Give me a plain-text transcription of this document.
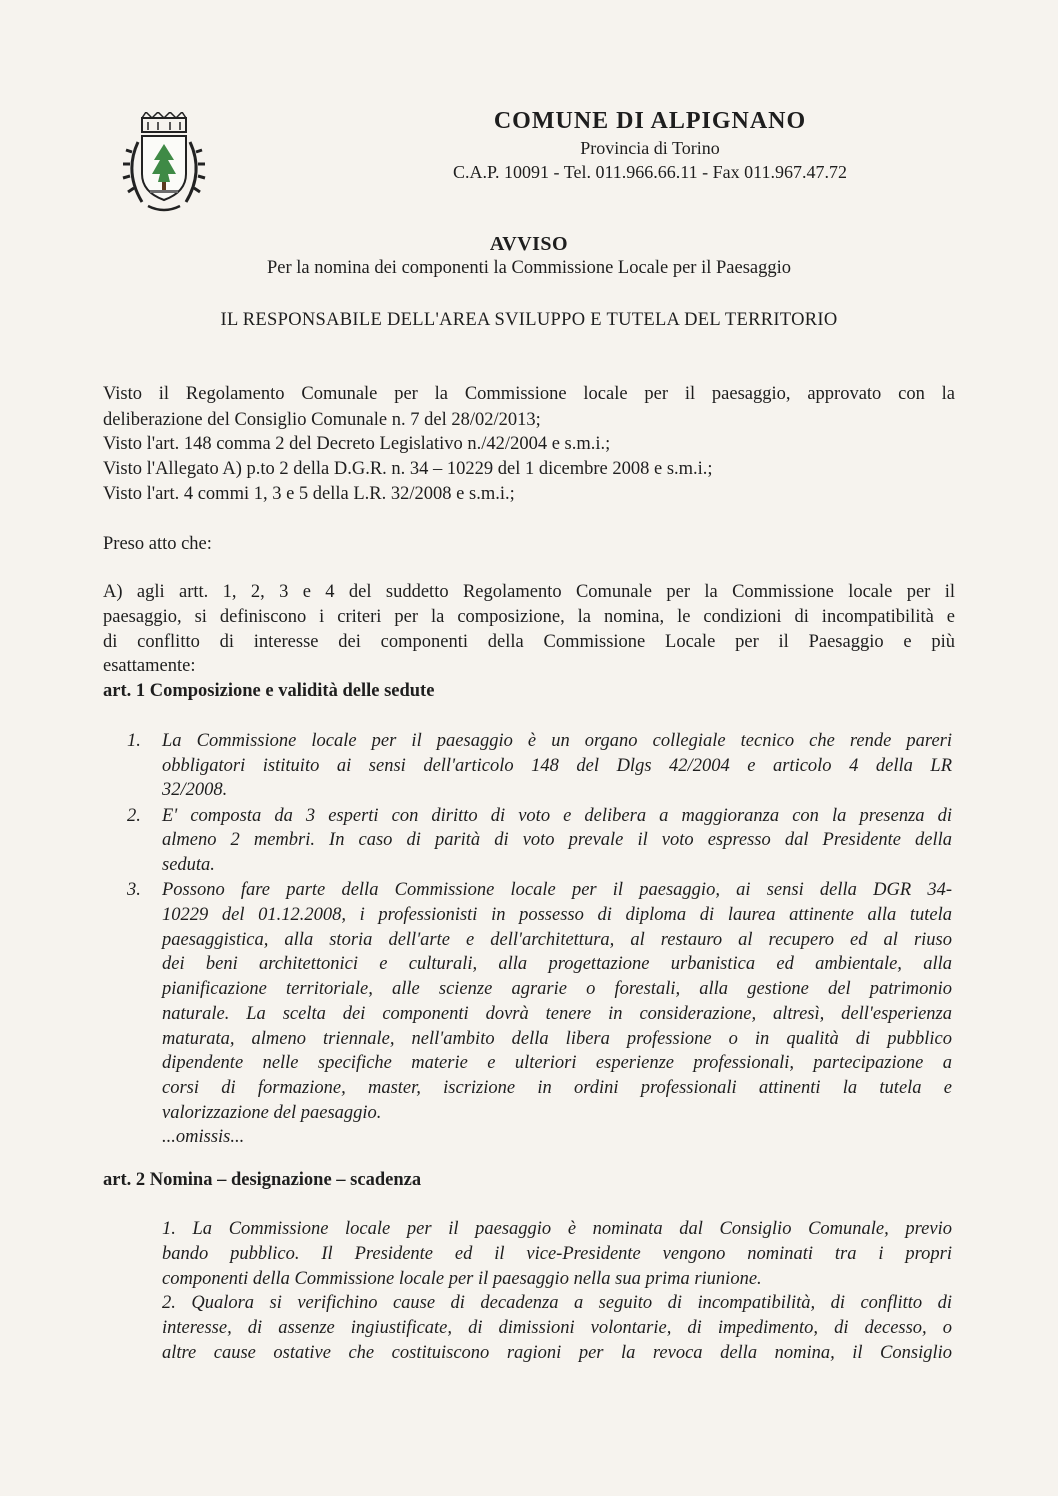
COMUNE DI ALPIGNANO
Provincia di Torino
C.A.P. 10091 - Tel. 011.966.66.11 - Fax 011.967.47.72
AVVISO
Per la nomina dei componenti la Commissione Locale per il Paesaggio
IL RESPONSABILE DELL'AREA SVILUPPO E TUTELA DEL TERRITORIO
Visto il Regolamento Comunale per la Commissione locale per il paesaggio, approvato con la
deliberazione del Consiglio Comunale n. 7 del 28/02/2013;
Visto l'art. 148 comma 2 del Decreto Legislativo n./42/2004 e s.m.i.;
Visto l'Allegato A) p.to 2 della D.G.R. n. 34 – 10229 del 1 dicembre 2008 e s.m.i.;
Visto l'art. 4 commi 1, 3 e 5 della L.R. 32/2008 e s.m.i.;
Preso atto che:
A) agli artt. 1, 2, 3 e 4 del suddetto Regolamento Comunale per la Commissione locale per il
paesaggio, si definiscono i criteri per la composizione, la nomina, le condizioni di incompatibilità e
di conflitto di interesse dei componenti della Commissione Locale per il Paesaggio e più
esattamente:
art. 1 Composizione e validità delle sedute
1. La Commissione locale per il paesaggio è un organo collegiale tecnico che rende pareri
obbligatori istituito ai sensi dell'articolo 148 del Dlgs 42/2004 e articolo 4 della LR
32/2008.
2. E' composta da 3 esperti con diritto di voto e delibera a maggioranza con la presenza di
almeno 2 membri. In caso di parità di voto prevale il voto espresso dal Presidente della
seduta.
3. Possono fare parte della Commissione locale per il paesaggio, ai sensi della DGR 34-
10229 del 01.12.2008, i professionisti in possesso di diploma di laurea attinente alla tutela
paesaggistica, alla storia dell'arte e dell'architettura, al restauro al recupero ed al riuso
dei beni architettonici e culturali, alla progettazione urbanistica ed ambientale, alla
pianificazione territoriale, alle scienze agrarie o forestali, alla gestione del patrimonio
naturale. La scelta dei componenti dovrà tenere in considerazione, altresì, dell'esperienza
maturata, almeno triennale, nell'ambito della libera professione o in qualità di pubblico
dipendente nelle specifiche materie e ulteriori esperienze professionali, partecipazione a
corsi di formazione, master, iscrizione in ordini professionali attinenti la tutela e
valorizzazione del paesaggio.
...omissis...
art. 2 Nomina – designazione – scadenza
1. La Commissione locale per il paesaggio è nominata dal Consiglio Comunale, previo
bando pubblico. Il Presidente ed il vice-Presidente vengono nominati tra i propri
componenti della Commissione locale per il paesaggio nella sua prima riunione.
2. Qualora si verifichino cause di decadenza a seguito di incompatibilità, di conflitto di
interesse, di assenze ingiustificate, di dimissioni volontarie, di impedimento, di decesso, o
altre cause ostative che costituiscono ragioni per la revoca della nomina, il Consiglio
